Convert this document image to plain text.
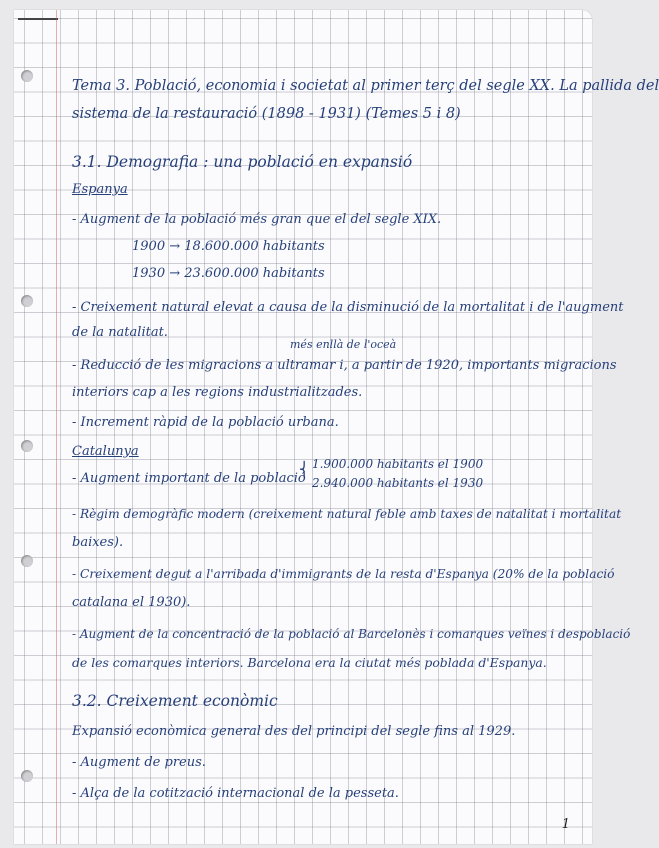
Tema 3. Població, economia i societat al primer terç del segle XX. La pallida del
sistema de la restauració (1898 - 1931) (Temes 5 i 8)
3.1. Demografia : una població en expansió
Espanya
- Augment de la població més gran que el del segle XIX.
1900 → 18.600.000 habitants
1930 → 23.600.000 habitants
- Creixement natural elevat a causa de la disminució de la mortalitat i de l'augment
de la natalitat.
més enllà de l'oceà
- Reducció de les migracions a ultramar i, a partir de 1920, importants migracions
interiors cap a les regions industrialitzades.
- Increment ràpid de la població urbana.
Catalunya
- Augment important de la població
⎨ 1.900.000 habitants el 1900
2.940.000 habitants el 1930
- Règim demogràfic modern (creixement natural feble amb taxes de natalitat i mortalitat
baixes).
- Creixement degut a l'arribada d'immigrants de la resta d'Espanya (20% de la població
catalana el 1930).
- Augment de la concentració de la població al Barcelonès i comarques veïnes i despoblació
de les comarques interiors. Barcelona era la ciutat més poblada d'Espanya.
3.2. Creixement econòmic
Expansió econòmica general des del principi del segle fins al 1929.
- Augment de preus.
- Alça de la cotització internacional de la pesseta.
1
